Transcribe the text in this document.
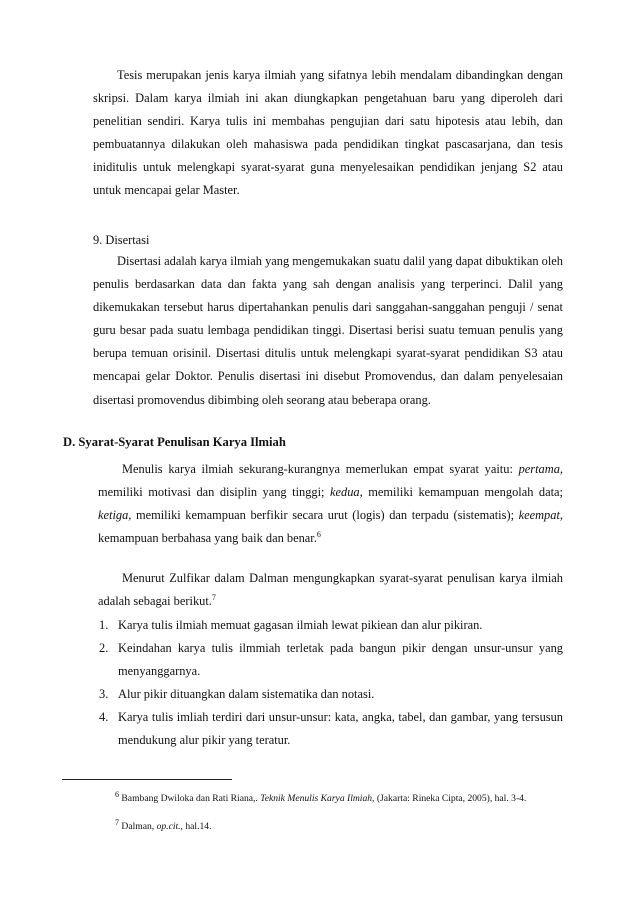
Tesis merupakan jenis karya ilmiah yang sifatnya lebih mendalam dibandingkan dengan skripsi. Dalam karya ilmiah ini akan diungkapkan pengetahuan baru yang diperoleh dari penelitian sendiri. Karya tulis ini membahas pengujian dari satu hipotesis atau lebih, dan pembuatannya dilakukan oleh mahasiswa pada pendidikan tingkat pascasarjana, dan tesis iniditulis untuk melengkapi syarat-syarat guna menyelesaikan pendidikan jenjang S2 atau untuk mencapai gelar Master.

9. Disertasi

Disertasi adalah karya ilmiah yang mengemukakan suatu dalil yang dapat dibuktikan oleh penulis berdasarkan data dan fakta yang sah dengan analisis yang terperinci. Dalil yang dikemukakan tersebut harus dipertahankan penulis dari sanggahan-sanggahan penguji / senat guru besar pada suatu lembaga pendidikan tinggi. Disertasi berisi suatu temuan penulis yang berupa temuan orisinil. Disertasi ditulis untuk melengkapi syarat-syarat pendidikan S3 atau mencapai gelar Doktor. Penulis disertasi ini disebut Promovendus, dan dalam penyelesaian disertasi promovendus dibimbing oleh seorang atau beberapa orang.

D. Syarat-Syarat Penulisan Karya Ilmiah

Menulis karya ilmiah sekurang-kurangnya memerlukan empat syarat yaitu: pertama, memiliki motivasi dan disiplin yang tinggi; kedua, memiliki kemampuan mengolah data; ketiga, memiliki kemampuan berfikir secara urut (logis) dan terpadu (sistematis); keempat, kemampuan berbahasa yang baik dan benar.$^6$

Menurut Zulfikar dalam Dalman mengungkapkan syarat-syarat penulisan karya ilmiah adalah sebagai berikut.$^7$

1. Karya tulis ilmiah memuat gagasan ilmiah lewat pikiean dan alur pikiran.
2. Keindahan karya tulis ilmmiah terletak pada bangun pikir dengan unsur-unsur yang menyanggarnya.
3. Alur pikir dituangkan dalam sistematika dan notasi.
4. Karya tulis imliah terdiri dari unsur-unsur: kata, angka, tabel, dan gambar, yang tersusun mendukung alur pikir yang teratur.
$^6$ Bambang Dwiloka dan Rati Riana,. Teknik Menulis Karya Ilmiah, (Jakarta: Rineka Cipta, 2005), hal. 3-4.
$^7$ Dalman, op.cit., hal.14.
